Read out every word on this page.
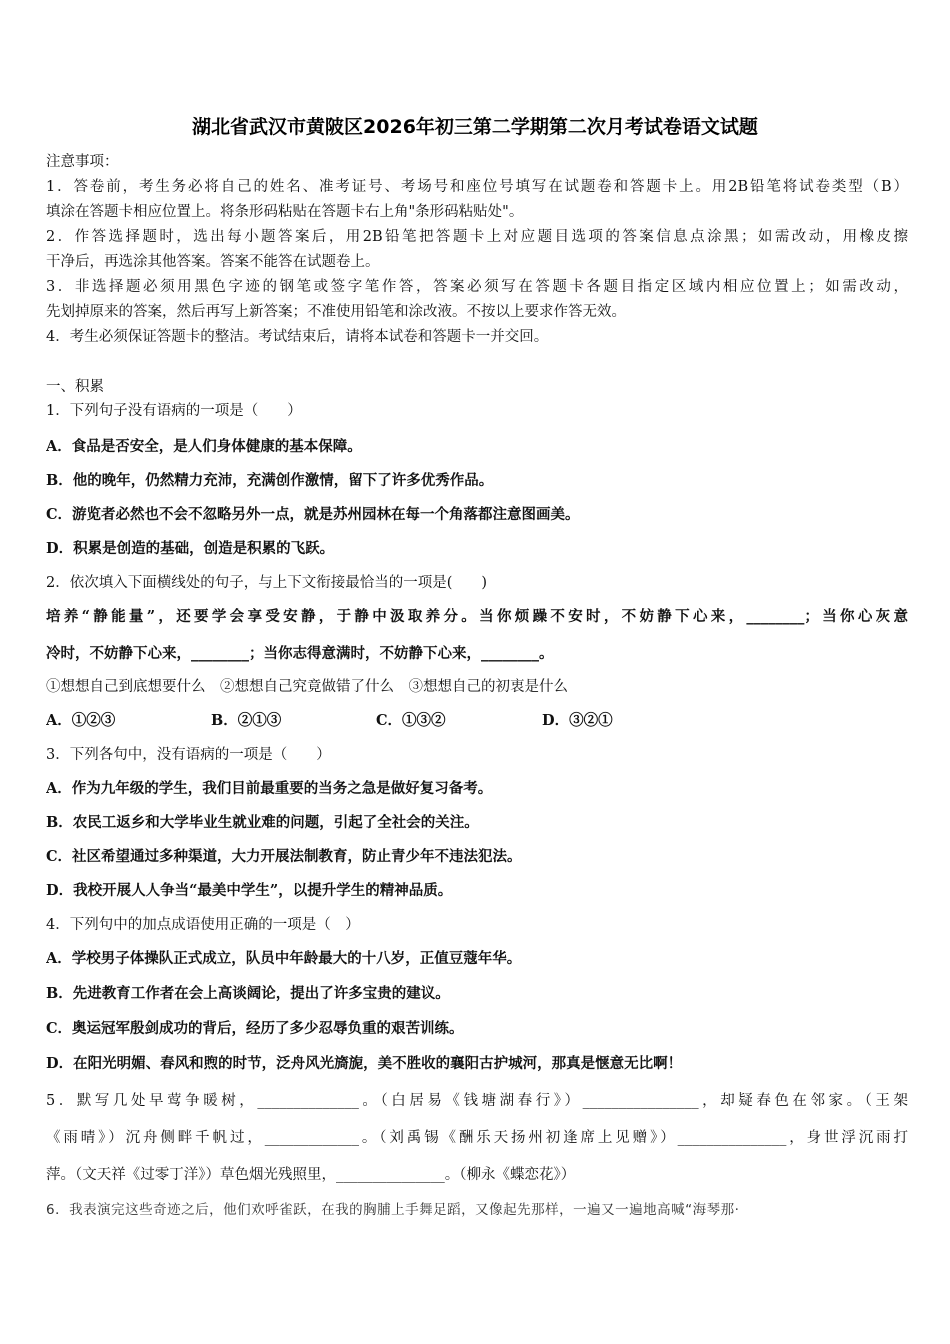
湖北省武汉市黄陂区2026年初三第二学期第二次月考试卷语文试题
注意事项：
1．答卷前，考生务必将自己的姓名、准考证号、考场号和座位号填写在试题卷和答题卡上。用2B铅笔将试卷类型（B）
填涂在答题卡相应位置上。将条形码粘贴在答题卡右上角"条形码粘贴处"。
2．作答选择题时，选出每小题答案后，用2B铅笔把答题卡上对应题目选项的答案信息点涂黑；如需改动，用橡皮擦
干净后，再选涂其他答案。答案不能答在试题卷上。
3．非选择题必须用黑色字迹的钢笔或签字笔作答，答案必须写在答题卡各题目指定区域内相应位置上；如需改动，
先划掉原来的答案，然后再写上新答案；不准使用铅笔和涂改液。不按以上要求作答无效。
4．考生必须保证答题卡的整洁。考试结束后，请将本试卷和答题卡一并交回。
一、积累
1．下列句子没有语病的一项是（　　）
A．食品是否安全，是人们身体健康的基本保障。
B．他的晚年，仍然精力充沛，充满创作激情，留下了许多优秀作品。
C．游览者必然也不会不忽略另外一点，就是苏州园林在每一个角落都注意图画美。
D．积累是创造的基础，创造是积累的飞跃。
2．依次填入下面横线处的句子，与上下文衔接最恰当的一项是(　　)
培养“静能量”，还要学会享受安静，于静中汲取养分。当你烦躁不安时，不妨静下心来，________；当你心灰意
冷时，不妨静下心来，________；当你志得意满时，不妨静下心来，________。
①想想自己到底想要什么　②想想自己究竟做错了什么　③想想自己的初衷是什么
A．①②③	B．②①③	C．①③②	D．③②①
3．下列各句中，没有语病的一项是（　　）
A．作为九年级的学生，我们目前最重要的当务之急是做好复习备考。
B．农民工返乡和大学毕业生就业难的问题，引起了全社会的关注。
C．社区希望通过多种渠道，大力开展法制教育，防止青少年不违法犯法。
D．我校开展人人争当“最美中学生”，以提升学生的精神品质。
4．下列句中的加点成语使用正确的一项是（　）
A．学校男子体操队正式成立，队员中年龄最大的十八岁，正值豆蔻年华。
B．先进教育工作者在会上高谈阔论，提出了许多宝贵的建议。
C．奥运冠军殷剑成功的背后，经历了多少忍辱负重的艰苦训练。
D．在阳光明媚、春风和煦的时节，泛舟风光旖旎，美不胜收的襄阳古护城河，那真是惬意无比啊！
5．默写几处早莺争暖树，______________。（白居易《钱塘湖春行》）________________，却疑春色在邻家。（王架
《雨晴》）沉舟侧畔千帆过，_____________。（刘禹锡《酬乐天扬州初逢席上见赠》）_______________，身世浮沉雨打
萍。（文天祥《过零丁洋》）草色烟光残照里，_______________。（柳永《蝶恋花》）
6．我表演完这些奇迹之后，他们欢呼雀跃，在我的胸脯上手舞足蹈，又像起先那样，一遍又一遍地高喊“海琴那·
